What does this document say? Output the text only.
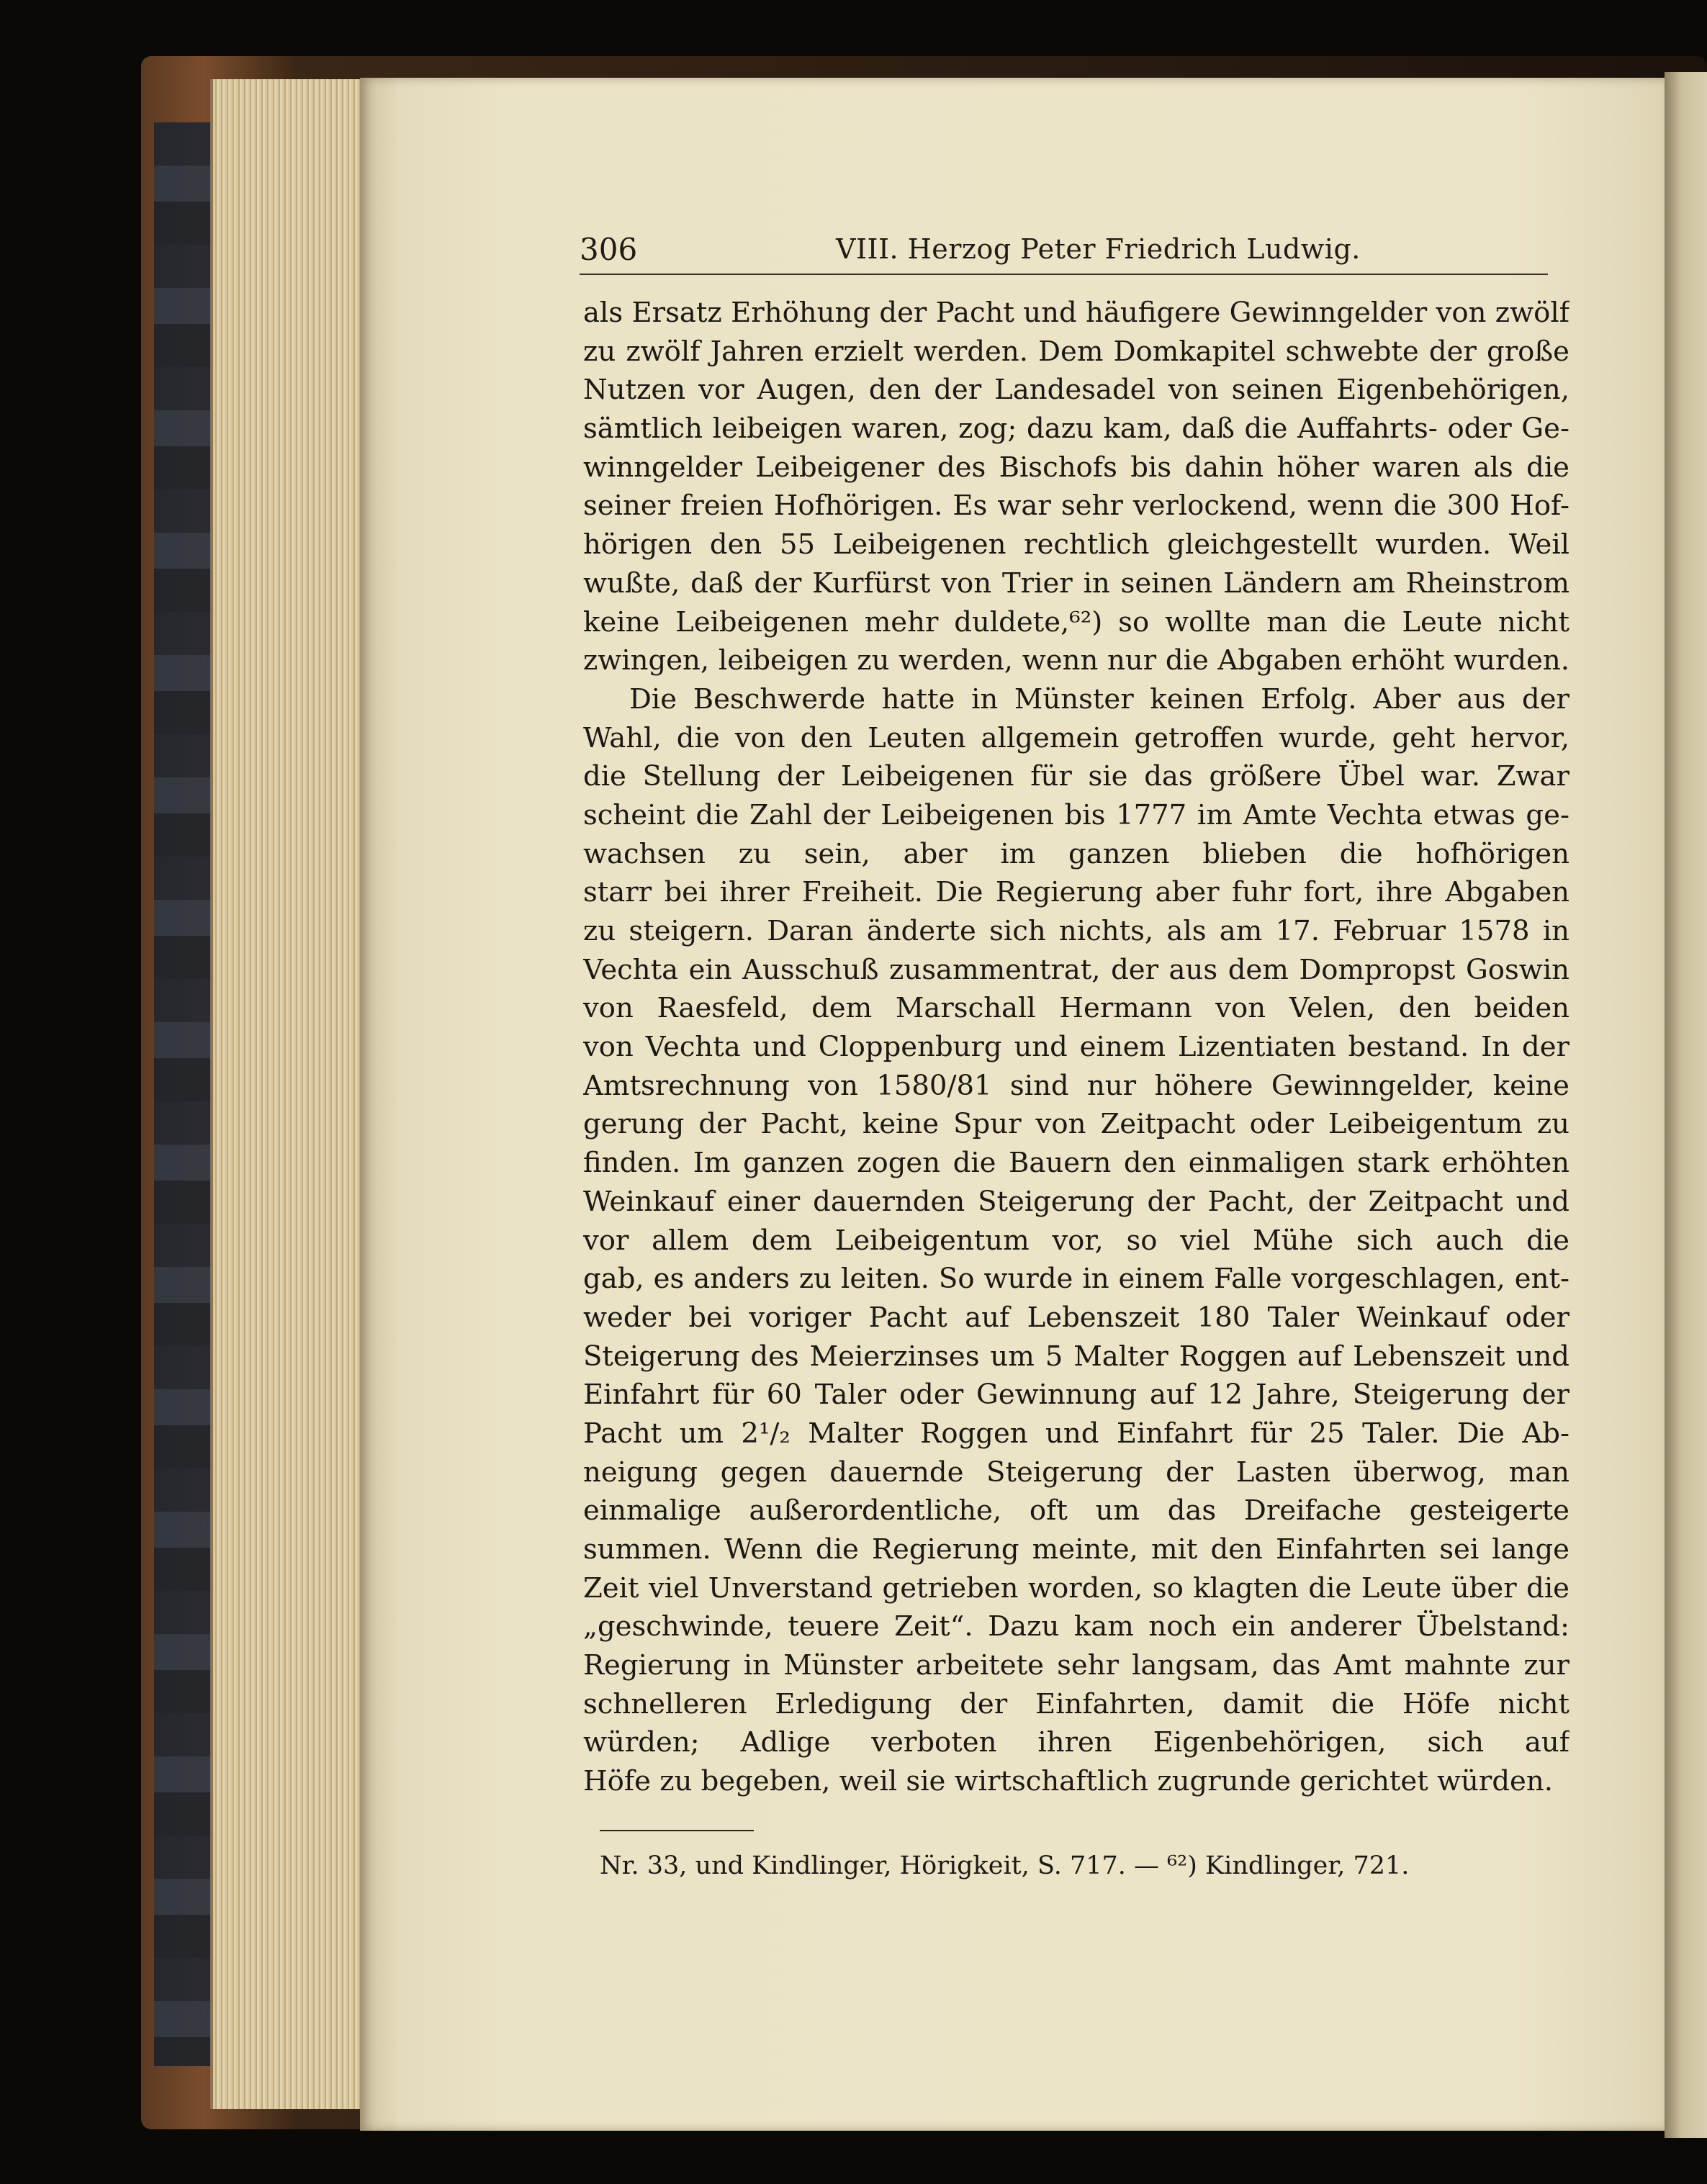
306	VIII. Herzog Peter Friedrich Ludwig.
als Ersatz Erhöhung der Pacht und häufigere Gewinngelder von zwölf
zu zwölf Jahren erzielt werden. Dem Domkapitel schwebte der große
Nutzen vor Augen, den der Landesadel von seinen Eigenbehörigen,
sämtlich leibeigen waren, zog; dazu kam, daß die Auffahrts- oder Ge-
winngelder Leibeigener des Bischofs bis dahin höher waren als die
seiner freien Hofhörigen. Es war sehr verlockend, wenn die 300 Hof-
hörigen den 55 Leibeigenen rechtlich gleichgestellt wurden. Weil
wußte, daß der Kurfürst von Trier in seinen Ländern am Rheinstrom
keine Leibeigenen mehr duldete,⁶²) so wollte man die Leute nicht
zwingen, leibeigen zu werden, wenn nur die Abgaben erhöht wurden.
Die Beschwerde hatte in Münster keinen Erfolg. Aber aus der
Wahl, die von den Leuten allgemein getroffen wurde, geht hervor,
die Stellung der Leibeigenen für sie das größere Übel war. Zwar
scheint die Zahl der Leibeigenen bis 1777 im Amte Vechta etwas ge-
wachsen zu sein, aber im ganzen blieben die hofhörigen
starr bei ihrer Freiheit. Die Regierung aber fuhr fort, ihre Abgaben
zu steigern. Daran änderte sich nichts, als am 17. Februar 1578 in
Vechta ein Ausschuß zusammentrat, der aus dem Dompropst Goswin
von Raesfeld, dem Marschall Hermann von Velen, den beiden
von Vechta und Cloppenburg und einem Lizentiaten bestand. In der
Amtsrechnung von 1580/81 sind nur höhere Gewinngelder, keine
gerung der Pacht, keine Spur von Zeitpacht oder Leibeigentum zu
finden. Im ganzen zogen die Bauern den einmaligen stark erhöhten
Weinkauf einer dauernden Steigerung der Pacht, der Zeitpacht und
vor allem dem Leibeigentum vor, so viel Mühe sich auch die
gab, es anders zu leiten. So wurde in einem Falle vorgeschlagen, ent-
weder bei voriger Pacht auf Lebenszeit 180 Taler Weinkauf oder
Steigerung des Meierzinses um 5 Malter Roggen auf Lebenszeit und
Einfahrt für 60 Taler oder Gewinnung auf 12 Jahre, Steigerung der
Pacht um 2¹/₂ Malter Roggen und Einfahrt für 25 Taler. Die Ab-
neigung gegen dauernde Steigerung der Lasten überwog, man
einmalige außerordentliche, oft um das Dreifache gesteigerte
summen. Wenn die Regierung meinte, mit den Einfahrten sei lange
Zeit viel Unverstand getrieben worden, so klagten die Leute über die
„geschwinde, teuere Zeit“. Dazu kam noch ein anderer Übelstand:
Regierung in Münster arbeitete sehr langsam, das Amt mahnte zur
schnelleren Erledigung der Einfahrten, damit die Höfe nicht
würden; Adlige verboten ihren Eigenbehörigen, sich auf
Höfe zu begeben, weil sie wirtschaftlich zugrunde gerichtet würden.
Nr. 33, und Kindlinger, Hörigkeit, S. 717. — ⁶²) Kindlinger, 721.
